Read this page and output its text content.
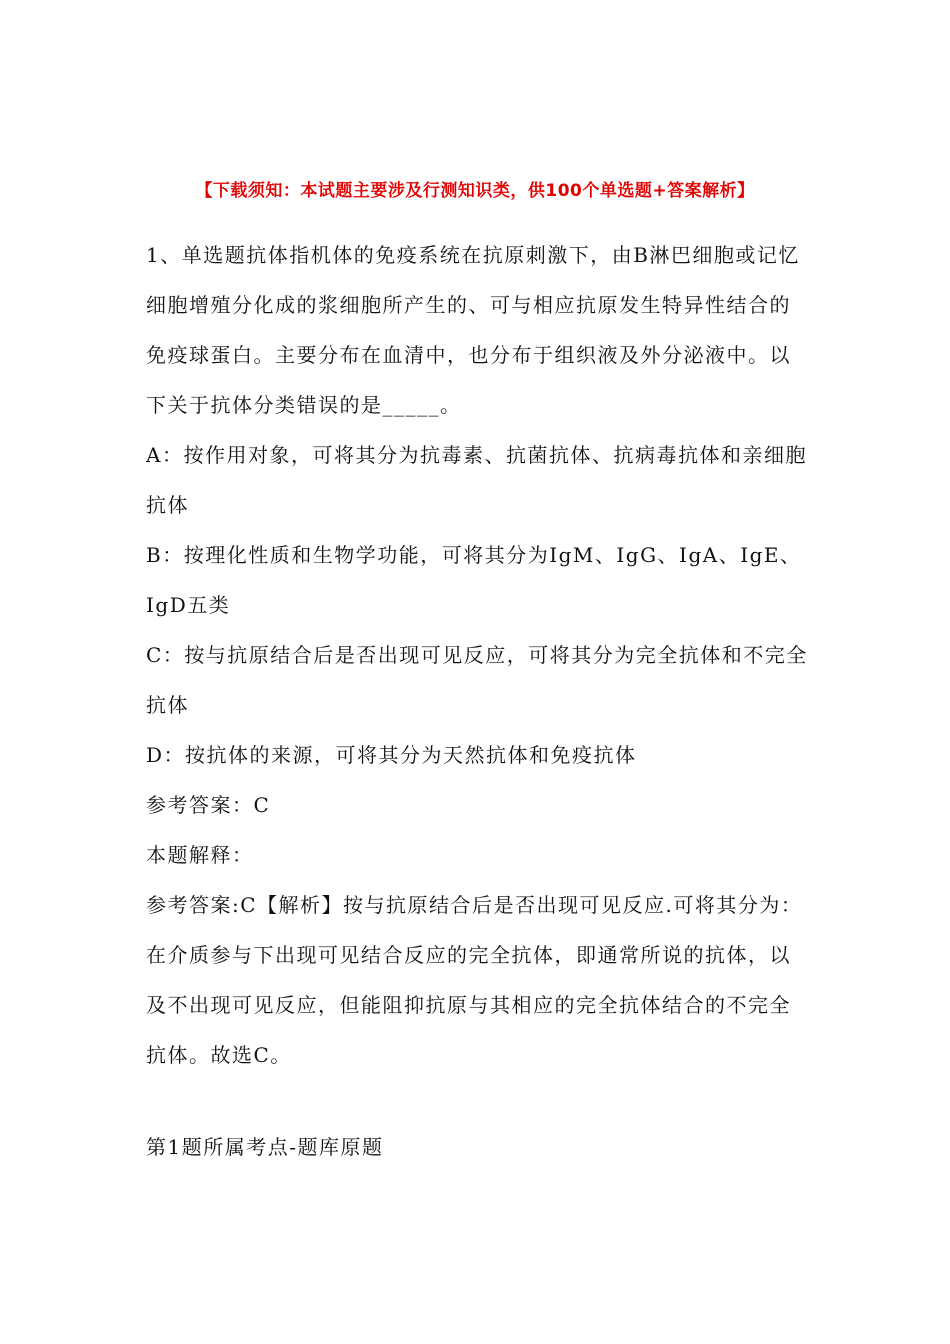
【下载须知：本试题主要涉及行测知识类，供100个单选题+答案解析】

1、单选题抗体指机体的免疫系统在抗原刺激下，由B淋巴细胞或记忆细胞增殖分化成的浆细胞所产生的、可与相应抗原发生特异性结合的免疫球蛋白。主要分布在血清中，也分布于组织液及外分泌液中。以下关于抗体分类错误的是_____。

A：按作用对象，可将其分为抗毒素、抗菌抗体、抗病毒抗体和亲细胞抗体

B：按理化性质和生物学功能，可将其分为IgM、IgG、IgA、IgE、IgD五类

C：按与抗原结合后是否出现可见反应，可将其分为完全抗体和不完全抗体

D：按抗体的来源，可将其分为天然抗体和免疫抗体

参考答案：C

本题解释：

参考答案:C【解析】按与抗原结合后是否出现可见反应.可将其分为：在介质参与下出现可见结合反应的完全抗体，即通常所说的抗体，以及不出现可见反应，但能阻抑抗原与其相应的完全抗体结合的不完全抗体。故选C。

第1题所属考点-题库原题
